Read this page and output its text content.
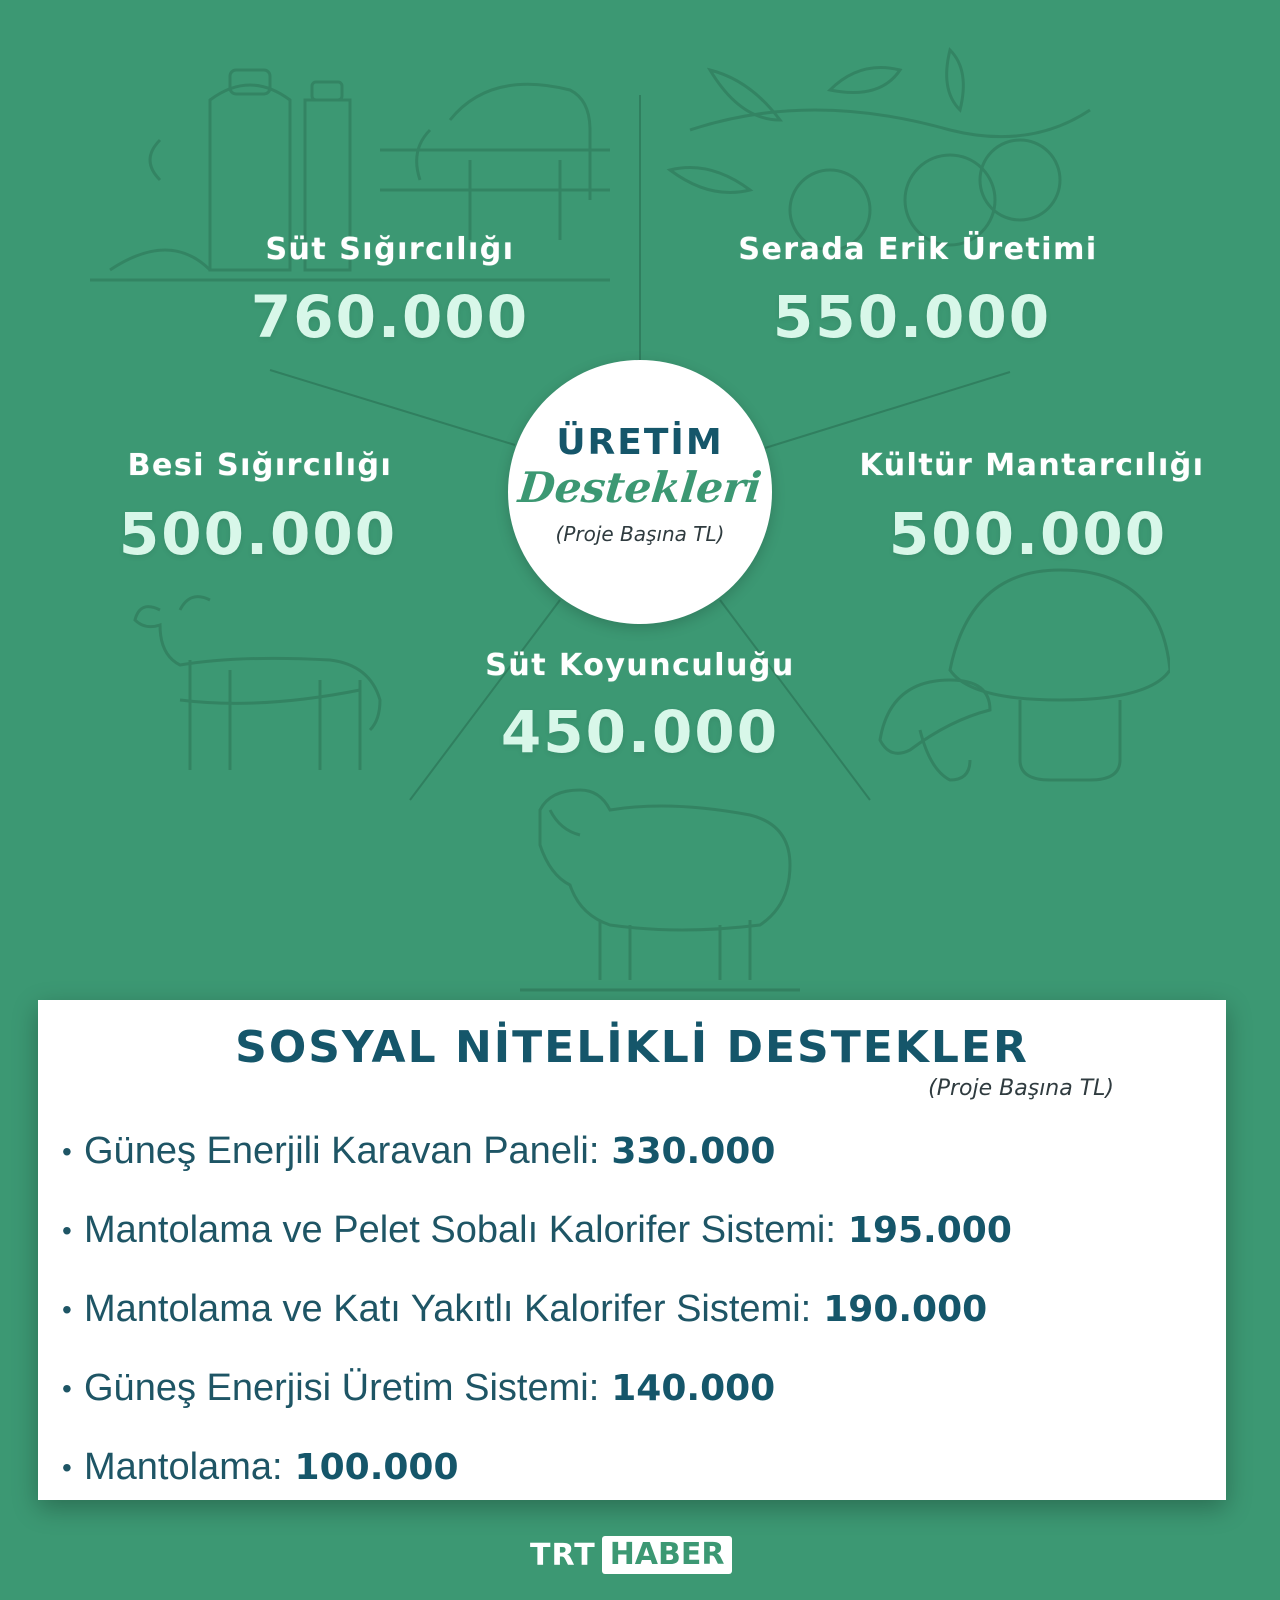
Süt Sığırcılığı
760.000
Serada Erik Üretimi
550.000
Besi Sığırcılığı
500.000
Kültür Mantarcılığı
500.000
Süt Koyunculuğu
450.000
ÜRETİM
Destekleri
(Proje Başına TL)
SOSYAL NİTELİKLİ DESTEKLER
(Proje Başına TL)
• Güneş Enerjili Karavan Paneli: 330.000
• Mantolama ve Pelet Sobalı Kalorifer Sistemi: 195.000
• Mantolama ve Katı Yakıtlı Kalorifer Sistemi: 190.000
• Güneş Enerjisi Üretim Sistemi: 140.000
• Mantolama: 100.000
TRT HABER
